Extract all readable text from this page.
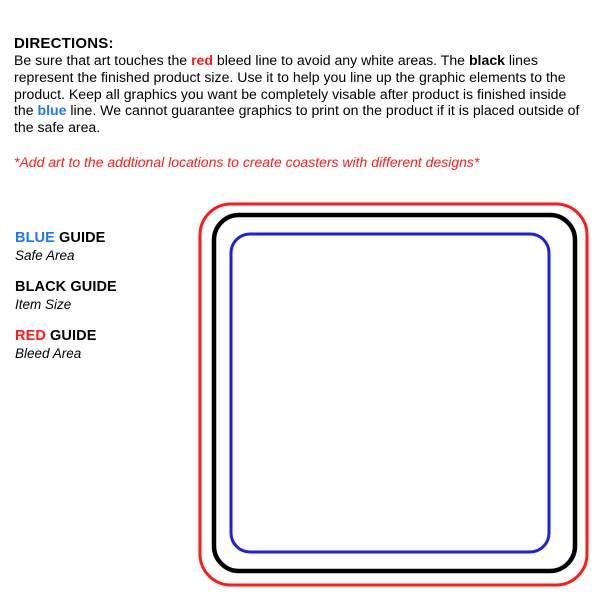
DIRECTIONS:

Be sure that art touches the red bleed line to avoid any white areas. The black lines represent the finished product size. Use it to help you line up the graphic elements to the product. Keep all graphics you want be completely visable after product is finished inside the blue line. We cannot guarantee graphics to print on the product if it is placed outside of the safe area.

*Add art to the addtional locations to create coasters with different designs*

BLUE GUIDE

Safe Area

BLACK GUIDE

Item Size

RED GUIDE

Bleed Area
